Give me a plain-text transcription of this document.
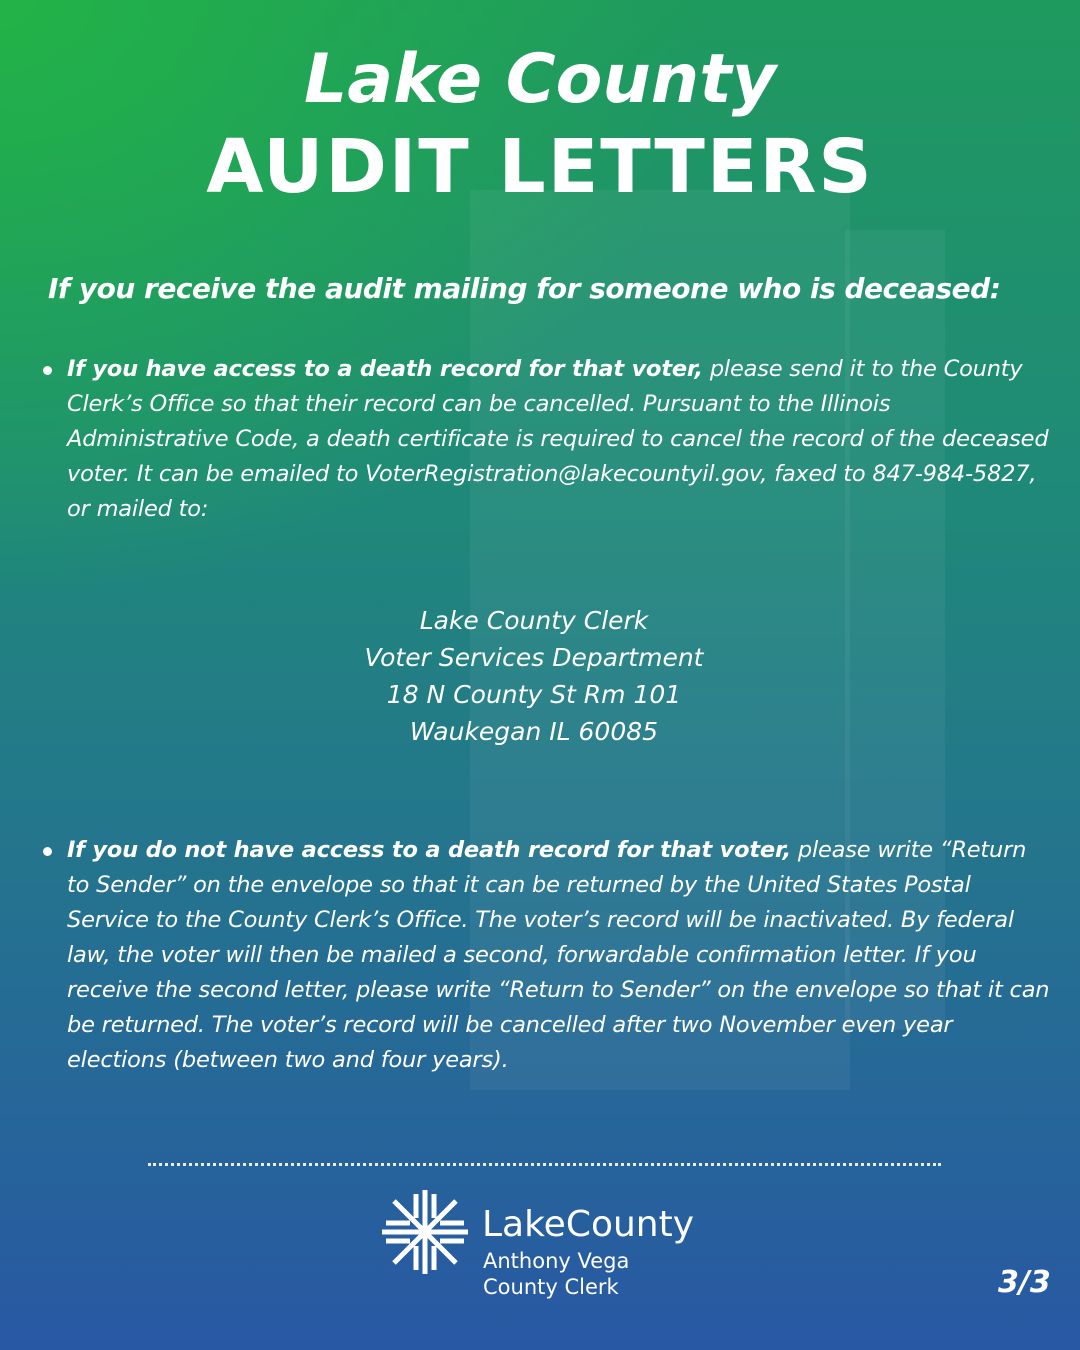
Lake County
AUDIT LETTERS
If you receive the audit mailing for someone who is deceased:
If you have access to a death record for that voter, please send it to the County Clerk’s Office so that their record can be cancelled. Pursuant to the Illinois Administrative Code, a death certificate is required to cancel the record of the deceased voter. It can be emailed to VoterRegistration@lakecountyil.gov, faxed to 847-984-5827, or mailed to:
Lake County Clerk
Voter Services Department
18 N County St Rm 101
Waukegan IL 60085
If you do not have access to a death record for that voter, please write “Return to Sender” on the envelope so that it can be returned by the United States Postal Service to the County Clerk’s Office. The voter’s record will be inactivated. By federal law, the voter will then be mailed a second, forwardable confirmation letter. If you receive the second letter, please write “Return to Sender” on the envelope so that it can be returned. The voter’s record will be cancelled after two November even year elections (between two and four years).
LakeCounty
Anthony Vega
County Clerk	3/3
